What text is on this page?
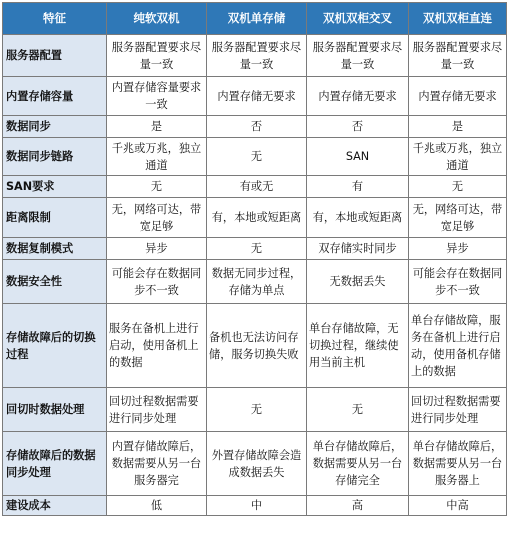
特征	纯软双机	双机单存储	双机双柜交叉	双机双柜直连
服务器配置	服务器配置要求尽量一致	服务器配置要求尽量一致	服务器配置要求尽量一致	服务器配置要求尽量一致
内置存储容量	内置存储容量要求一致	内置存储无要求	内置存储无要求	内置存储无要求
数据同步	是	否	否	是
数据同步链路	千兆或万兆，独立通道	无	SAN	千兆或万兆，独立通道
SAN要求	无	有或无	有	无
距离限制	无，网络可达，带宽足够	有，本地或短距离	有，本地或短距离	无，网络可达，带宽足够
数据复制模式	异步	无	双存储实时同步	异步
数据安全性	可能会存在数据同步不一致	数据无同步过程，存储为单点	无数据丢失	可能会存在数据同步不一致
存储故障后的切换过程	服务在备机上进行启动，使用备机上的数据	备机也无法访问存储，服务切换失败	单台存储故障，无切换过程，继续使用当前主机	单台存储故障，服务在备机上进行启动，使用备机存储上的数据
回切时数据处理	回切过程数据需要进行同步处理	无	无	回切过程数据需要进行同步处理
存储故障后的数据同步处理	内置存储故障后，数据需要从另一台服务器完	外置存储故障会造成数据丢失	单台存储故障后，数据需要从另一台存储完全	单台存储故障后，数据需要从另一台服务器上
建设成本	低	中	高	中高
